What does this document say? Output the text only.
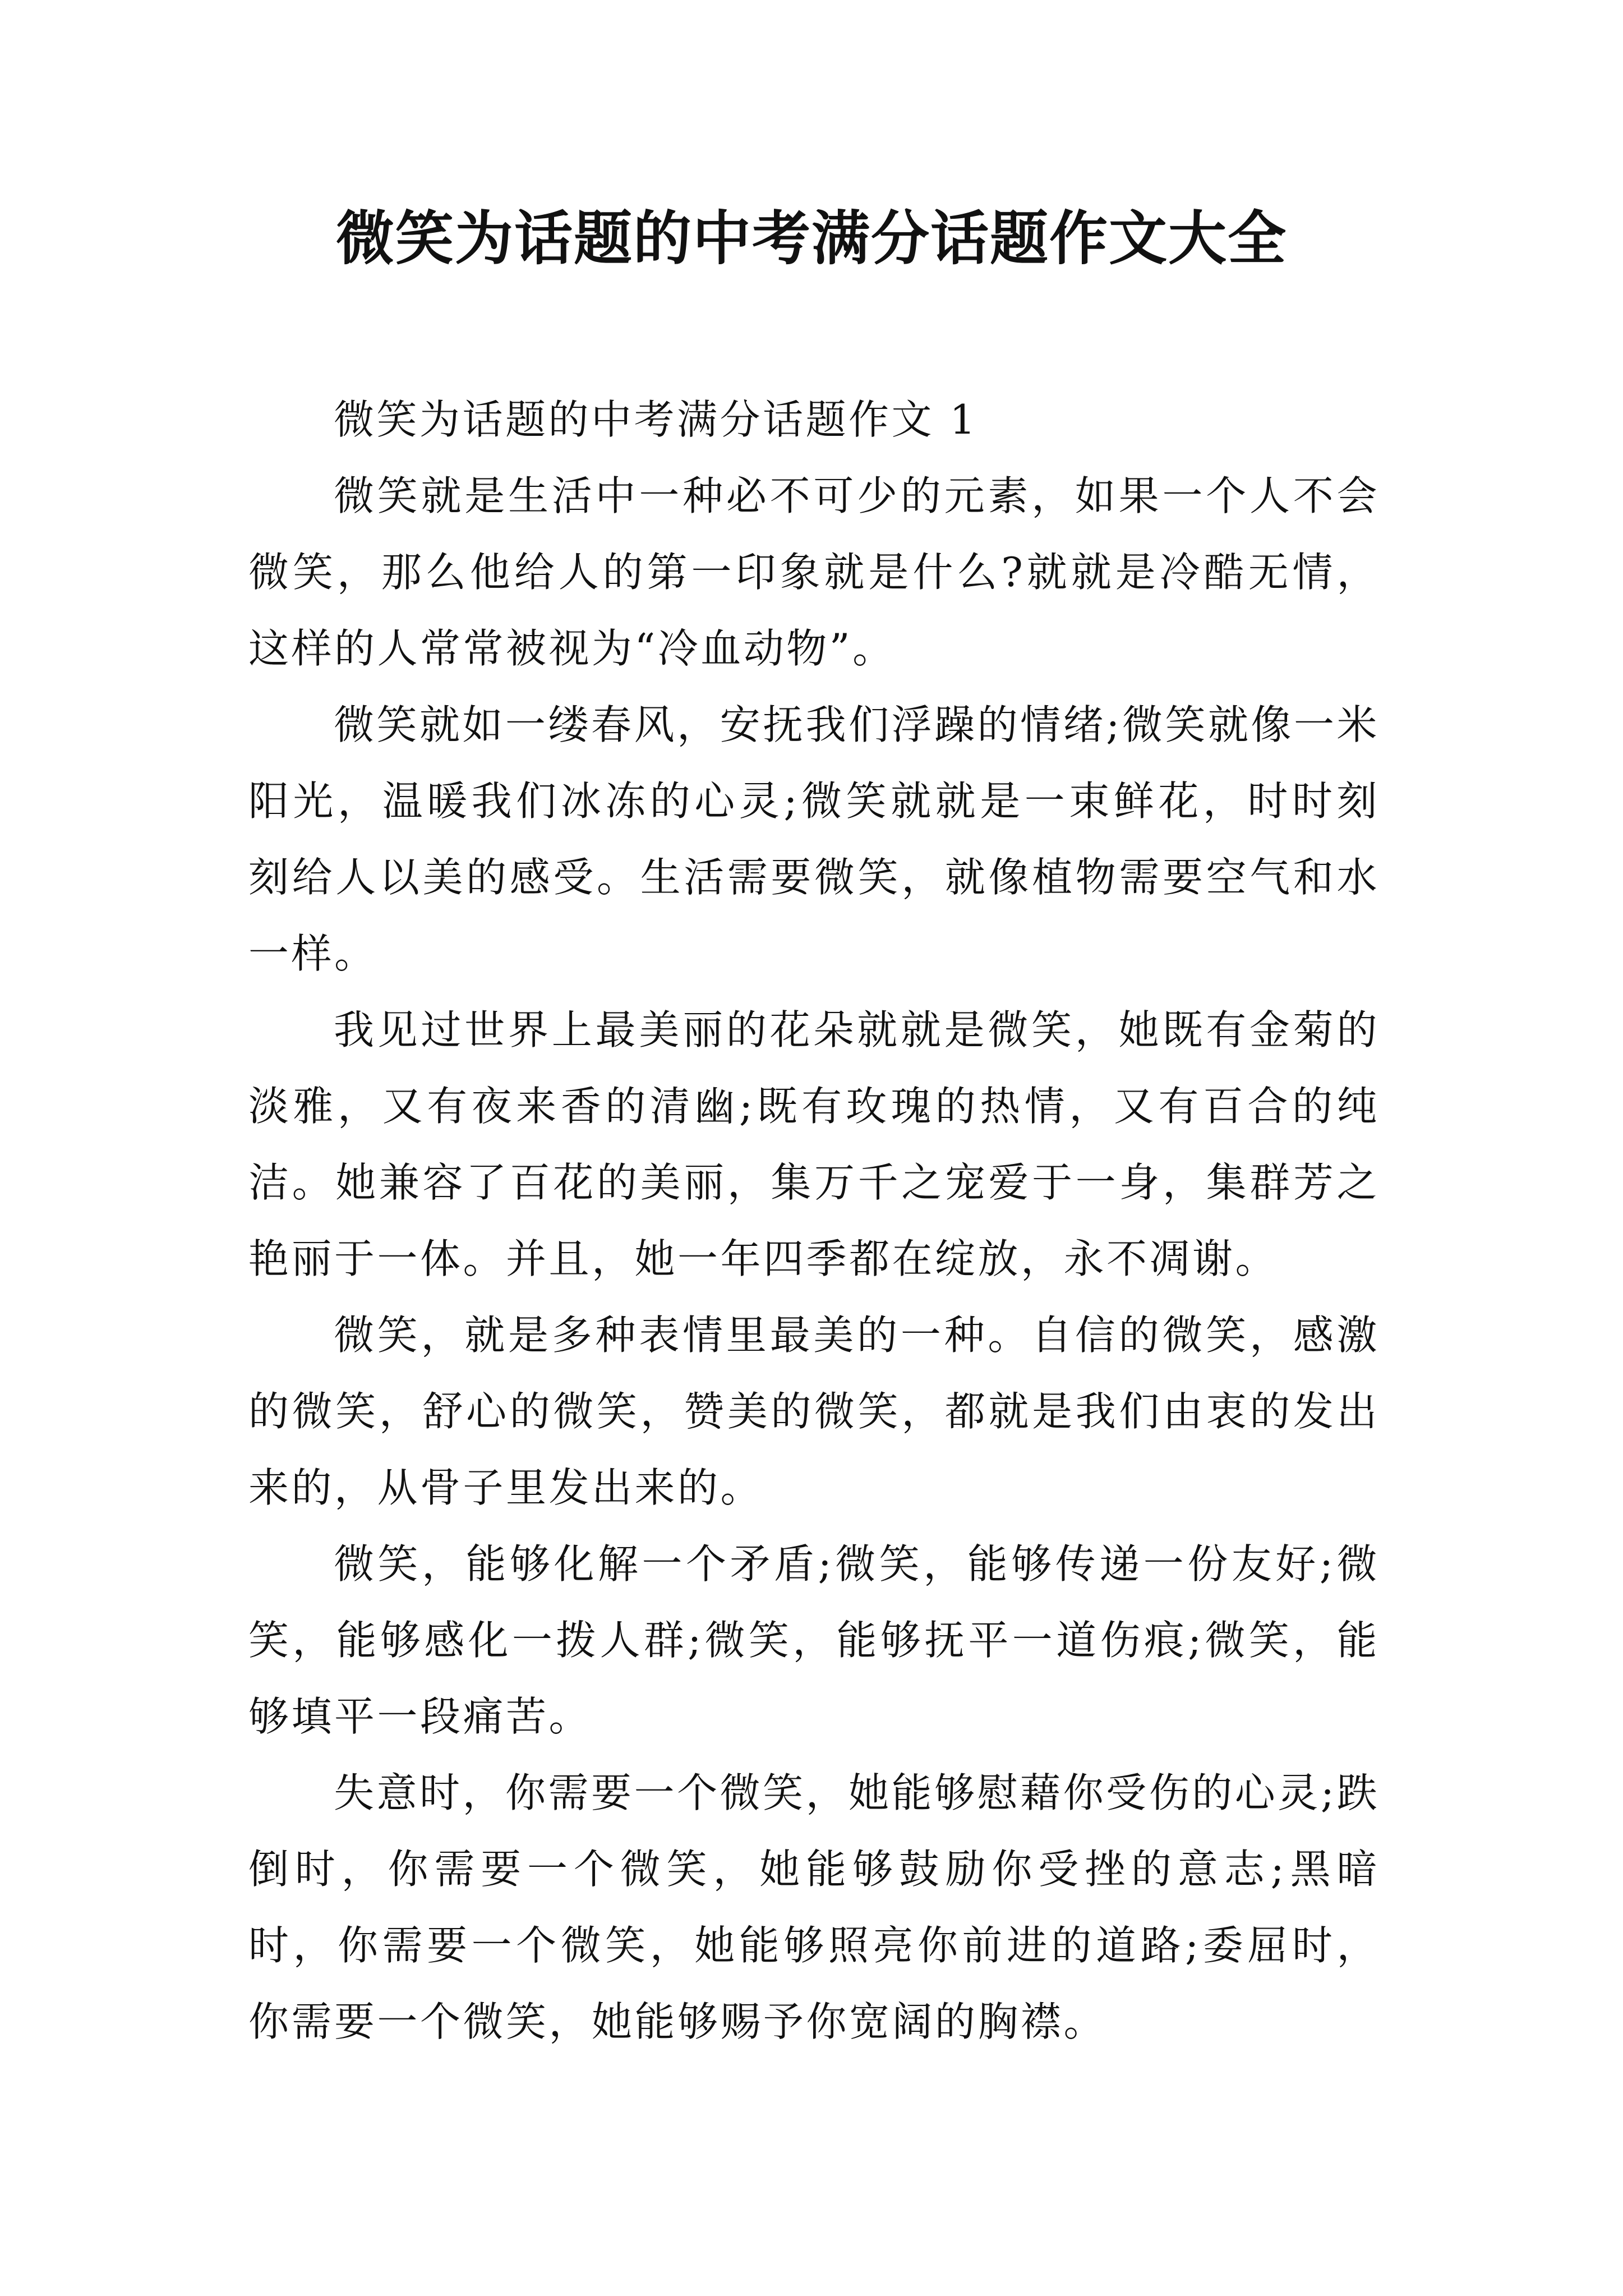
微笑为话题的中考满分话题作文大全

微笑为话题的中考满分话题作文 1

微笑就是生活中一种必不可少的元素，如果一个人不会微笑，那么他给人的第一印象就是什么?就就是冷酷无情，这样的人常常被视为“冷血动物”。

微笑就如一缕春风，安抚我们浮躁的情绪;微笑就像一米阳光，温暖我们冰冻的心灵;微笑就就是一束鲜花，时时刻刻给人以美的感受。生活需要微笑，就像植物需要空气和水一样。

我见过世界上最美丽的花朵就就是微笑，她既有金菊的淡雅，又有夜来香的清幽;既有玫瑰的热情，又有百合的纯洁。她兼容了百花的美丽，集万千之宠爱于一身，集群芳之艳丽于一体。并且，她一年四季都在绽放，永不凋谢。

微笑，就是多种表情里最美的一种。自信的微笑，感激的微笑，舒心的微笑，赞美的微笑，都就是我们由衷的发出来的，从骨子里发出来的。

微笑，能够化解一个矛盾;微笑，能够传递一份友好;微笑，能够感化一拨人群;微笑，能够抚平一道伤痕;微笑，能够填平一段痛苦。

失意时，你需要一个微笑，她能够慰藉你受伤的心灵;跌倒时，你需要一个微笑，她能够鼓励你受挫的意志;黑暗时，你需要一个微笑，她能够照亮你前进的道路;委屈时，你需要一个微笑，她能够赐予你宽阔的胸襟。
